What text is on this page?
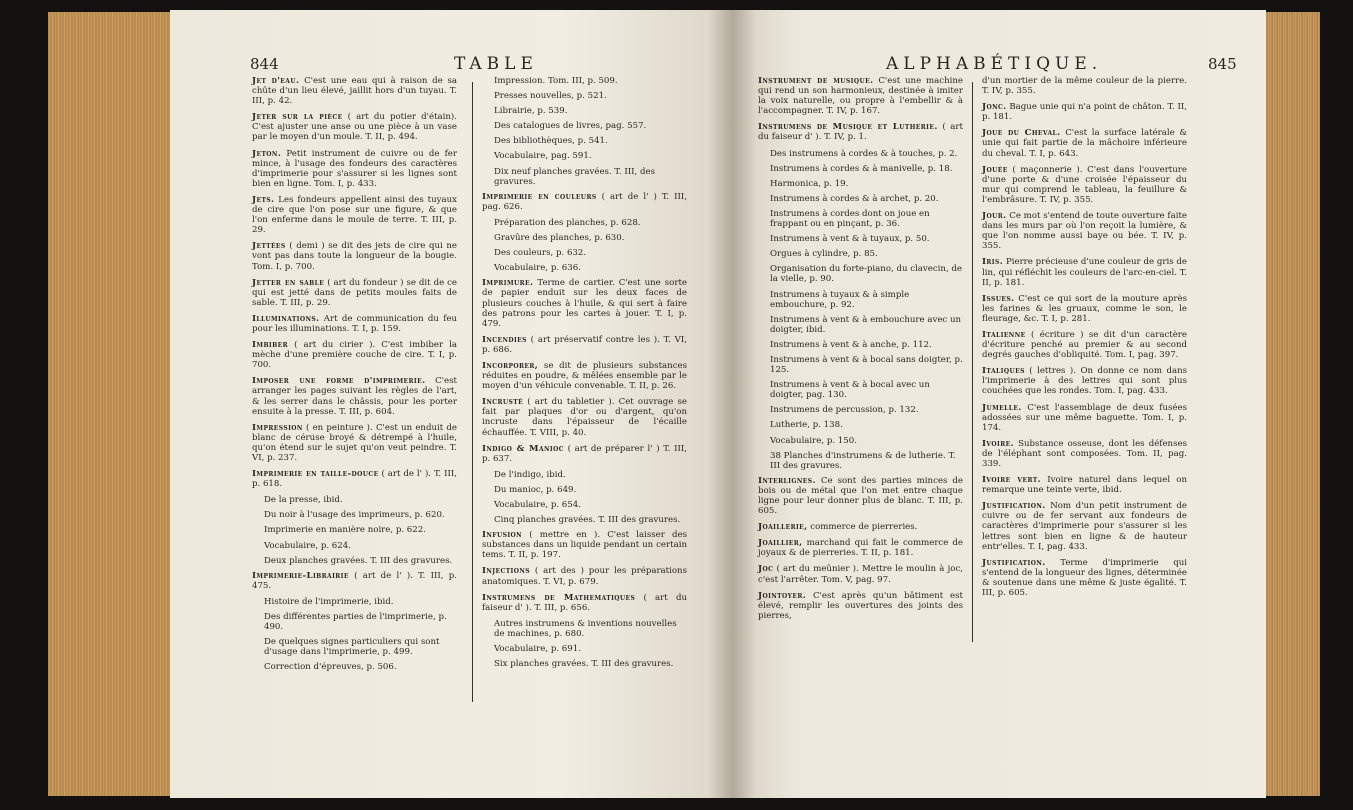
844	TABLE

Jet d'eau. C'est une eau qui à raison de sa chûte d'un lieu élevé, jaillit hors d'un tuyau. T. III, p. 42.

Jeter sur la pièce ( art du potier d'étain). C'est ajuster une anse ou une pièce à un vase par le moyen d'un moule. T. II, p. 494.

Jeton. Petit instrument de cuivre ou de fer mince, à l'usage des fondeurs des caractères d'imprimerie pour s'assurer si les lignes sont bien en ligne. Tom. I, p. 433.

Jets. Les fondeurs appellent ainsi des tuyaux de cire que l'on pose sur une figure, & que l'on enferme dans le moule de terre. T. III, p. 29.

Jettées ( demi ) se dit des jets de cire qui ne vont pas dans toute la longueur de la bougie. Tom. I, p. 700.

Jetter en sable ( art du fondeur ) se dit de ce qui est jetté dans de petits moules faits de sable. T. III, p. 29.

Illuminations. Art de communication du feu pour les illuminations. T. I, p. 159.

Imbiber ( art du cirier ). C'est imbiber la mèche d'une première couche de cire. T. I, p. 700.

Imposer une forme d'imprimerie. C'est arranger les pages suivant les règles de l'art, & les serrer dans le châssis, pour les porter ensuite à la presse. T. III, p. 604.

Impression ( en peinture ). C'est un enduit de blanc de céruse broyé & détrempé à l'huile, qu'on étend sur le sujet qu'on veut peindre. T. VI, p. 237.

Imprimerie en taille-douce ( art de l' ). T. III, p. 618.

De la presse, ibid.

Du noir à l'usage des imprimeurs, p. 620.

Imprimerie en manière noire, p. 622.

Vocabulaire, p. 624.

Deux planches gravées. T. III des gravures.

Imprimerie-Librairie ( art de l' ). T. III, p. 475.

Histoire de l'imprimerie, ibid.

Des différentes parties de l'imprimerie, p. 490.

De quelques signes particuliers qui sont d'usage dans l'imprimerie, p. 499.

Correction d'épreuves, p. 506.

Impression. Tom. III, p. 509.

Presses nouvelles, p. 521.

Librairie, p. 539.

Des catalogues de livres, pag. 557.

Des bibliothèques, p. 541.

Vocabulaire, pag. 591.

Dix neuf planches gravées. T. III, des gravures.

Imprimerie en couleurs ( art de l' ) T. III, pag. 626.

Préparation des planches, p. 628.

Gravûre des planches, p. 630.

Des couleurs, p. 632.

Vocabulaire, p. 636.

Imprimure. Terme de cartier. C'est une sorte de papier enduit sur les deux faces de plusieurs couches à l'huile, & qui sert à faire des patrons pour les cartes à jouer. T. I, p. 479.

Incendies ( art préservatif contre les ). T. VI, p. 686.

Incorporer, se dit de plusieurs substances réduites en poudre, & mêlées ensemble par le moyen d'un véhicule convenable. T. II, p. 26.

Incrusté ( art du tabletier ). Cet ouvrage se fait par plaques d'or ou d'argent, qu'on incruste dans l'épaisseur de l'écaille échauffée. T. VIII, p. 40.

Indigo & Manioc ( art de préparer l' ) T. III, p. 637.

De l'indigo, ibid.

Du manioc, p. 649.

Vocabulaire, p. 654.

Cinq planches gravées. T. III des gravures.

Infusion ( mettre en ). C'est laisser des substances dans un liquide pendant un certain tems. T. II, p. 197.

Injections ( art des ) pour les préparations anatomiques. T. VI, p. 679.

Instrumens de Mathematiques ( art du faiseur d' ). T. III, p. 656.

Autres instrumens & inventions nouvelles de machines, p. 680.

Vocabulaire, p. 691.

Six planches gravées. T. III des gravures.

ALPHABÉTIQUE.	845

Instrument de musique. C'est une machine qui rend un son harmonieux, destinée à imiter la voix naturelle, ou propre à l'embellir & à l'accompagner. T. IV, p. 167.

Instrumens de Musique et Lutherie. ( art du faiseur d' ). T. IV, p. 1.

Des instrumens à cordes & à touches, p. 2.

Instrumens à cordes & à manivelle, p. 18.

Harmonica, p. 19.

Instrumens à cordes & à archet, p. 20.

Instrumens à cordes dont on joue en frappant ou en pinçant, p. 36.

Instrumens à vent & à tuyaux, p. 50.

Orgues à cylindre, p. 85.

Organisation du forte-piano, du clavecin, de la vielle, p. 90.

Instrumens à tuyaux & à simple embouchure, p. 92.

Instrumens à vent & à embouchure avec un doigter, ibid.

Instrumens à vent & à anche, p. 112.

Instrumens à vent & à bocal sans doigter, p. 125.

Instrumens à vent & à bocal avec un doigter, pag. 130.

Instrumens de percussion, p. 132.

Lutherie, p. 138.

Vocabulaire, p. 150.

38 Planches d'instrumens & de lutherie. T. III des gravures.

Interlignes. Ce sont des parties minces de bois ou de métal que l'on met entre chaque ligne pour leur donner plus de blanc. T. III, p. 605.

Joaillerie, commerce de pierreries.

Joaillier, marchand qui fait le commerce de joyaux & de pierreries. T. II, p. 181.

Joc ( art du meûnier ). Mettre le moulin à joc, c'est l'arrêter. Tom. V, pag. 97.

Jointoyer. C'est après qu'un bâtiment est élevé, remplir les ouvertures des joints des pierres,

d'un mortier de la même couleur de la pierre. T. IV, p. 355.

Jonc. Bague unie qui n'a point de châton. T. II, p. 181.

Joue du Cheval. C'est la surface latérale & unie qui fait partie de la mâchoire inférieure du cheval. T. I, p. 643.

Jouée ( maçonnerie ). C'est dans l'ouverture d'une porte & d'une croisée l'épaisseur du mur qui comprend le tableau, la feuillure & l'embrâsure. T. IV, p. 355.

Jour. Ce mot s'entend de toute ouverture faite dans les murs par où l'on reçoit la lumière, & que l'on nomme aussi baye ou bée. T. IV, p. 355.

Iris. Pierre précieuse d'une couleur de gris de lin, qui réfléchit les couleurs de l'arc-en-ciel. T. II, p. 181.

Issues. C'est ce qui sort de la mouture après les farines & les gruaux, comme le son, le fleurage, &c. T. I, p. 281.

Italienne ( écriture ) se dit d'un caractère d'écriture penché au premier & au second degrés gauches d'obliquité. Tom. I, pag. 397.

Italiques ( lettres ). On donne ce nom dans l'imprimerie à des lettres qui sont plus couchées que les rondes. Tom. I, pag. 433.

Jumelle. C'est l'assemblage de deux fusées adossées sur une même baguette. Tom. I, p. 174.

Ivoire. Substance osseuse, dont les défenses de l'éléphant sont composées. Tom. II, pag. 339.

Ivoire vert. Ivoire naturel dans lequel on remarque une teinte verte, ibid.

Justification. Nom d'un petit instrument de cuivre ou de fer servant aux fondeurs de caractères d'imprimerie pour s'assurer si les lettres sont bien en ligne & de hauteur entr'elles. T. I, pag. 433.

Justification. Terme d'imprimerie qui s'entend de la longueur des lignes, déterminée & soutenue dans une même & juste égalité. T. III, p. 605.
